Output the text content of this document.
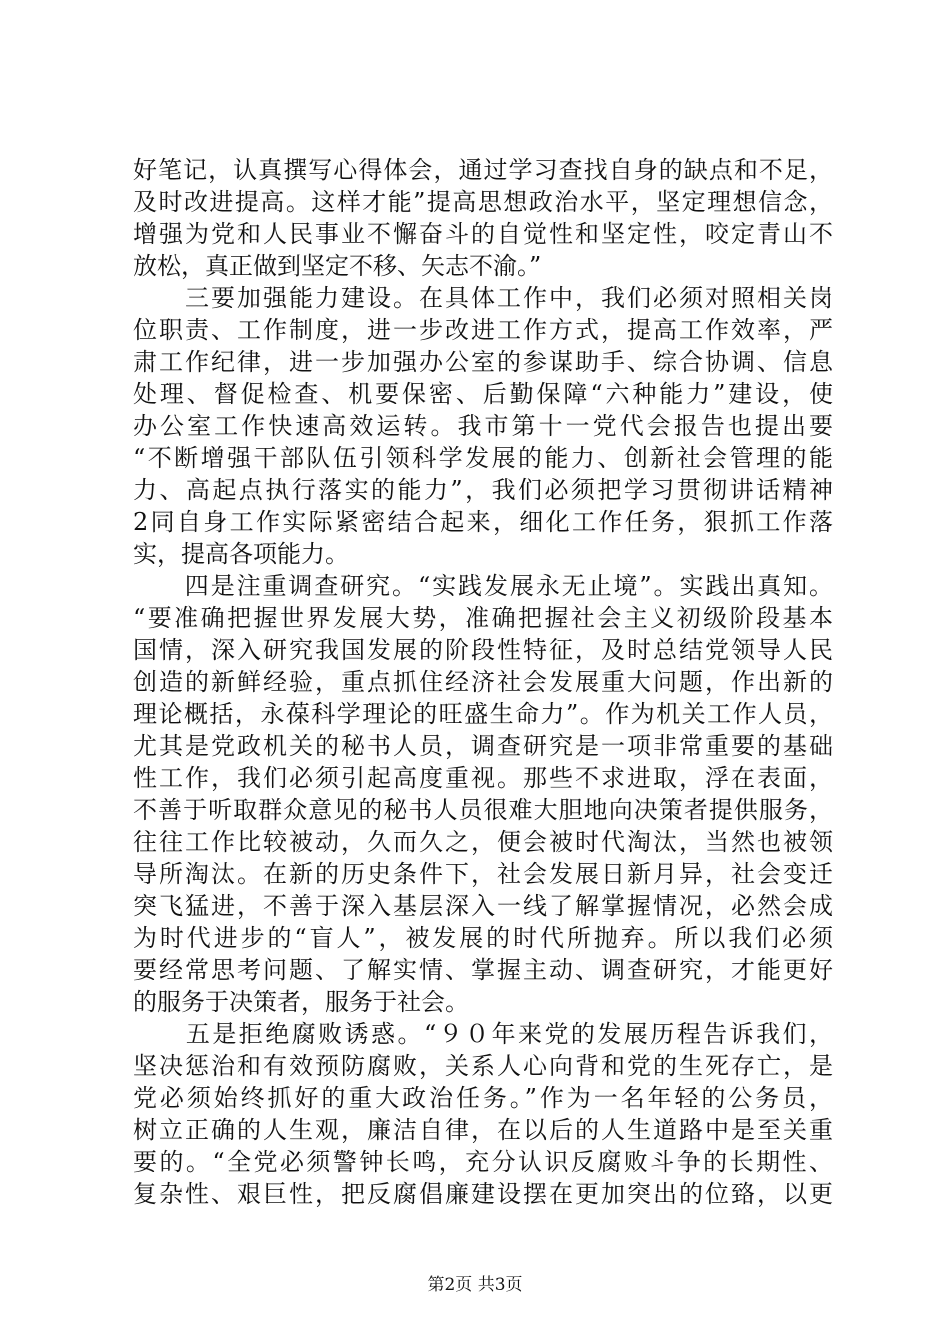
好笔记，认真撰写心得体会，通过学习查找自身的缺点和不足，
及时改进提高。这样才能”提高思想政治水平，坚定理想信念，
增强为党和人民事业不懈奋斗的自觉性和坚定性，咬定青山不
放松，真正做到坚定不移、矢志不渝。”
　　三要加强能力建设。在具体工作中，我们必须对照相关岗
位职责、工作制度，进一步改进工作方式，提高工作效率，严
肃工作纪律，进一步加强办公室的参谋助手、综合协调、信息
处理、督促检查、机要保密、后勤保障“六种能力”建设，使
办公室工作快速高效运转。我市第十一党代会报告也提出要
“不断增强干部队伍引领科学发展的能力、创新社会管理的能
力、高起点执行落实的能力”，我们必须把学习贯彻讲话精神
2同自身工作实际紧密结合起来，细化工作任务，狠抓工作落
实，提高各项能力。
　　四是注重调查研究。“实践发展永无止境”。实践出真知。
“要准确把握世界发展大势，准确把握社会主义初级阶段基本
国情，深入研究我国发展的阶段性特征，及时总结党领导人民
创造的新鲜经验，重点抓住经济社会发展重大问题，作出新的
理论概括，永葆科学理论的旺盛生命力”。作为机关工作人员，
尤其是党政机关的秘书人员，调查研究是一项非常重要的基础
性工作，我们必须引起高度重视。那些不求进取，浮在表面，
不善于听取群众意见的秘书人员很难大胆地向决策者提供服务，
往往工作比较被动，久而久之，便会被时代淘汰，当然也被领
导所淘汰。在新的历史条件下，社会发展日新月异，社会变迁
突飞猛进，不善于深入基层深入一线了解掌握情况，必然会成
为时代进步的“盲人”，被发展的时代所抛弃。所以我们必须
要经常思考问题、了解实情、掌握主动、调查研究，才能更好
的服务于决策者，服务于社会。
　　五是拒绝腐败诱惑。“９０年来党的发展历程告诉我们，
坚决惩治和有效预防腐败，关系人心向背和党的生死存亡，是
党必须始终抓好的重大政治任务。”作为一名年轻的公务员，
树立正确的人生观，廉洁自律，在以后的人生道路中是至关重
要的。“全党必须警钟长鸣，充分认识反腐败斗争的长期性、
复杂性、艰巨性，把反腐倡廉建设摆在更加突出的位臵，以更
第2页 共3页
